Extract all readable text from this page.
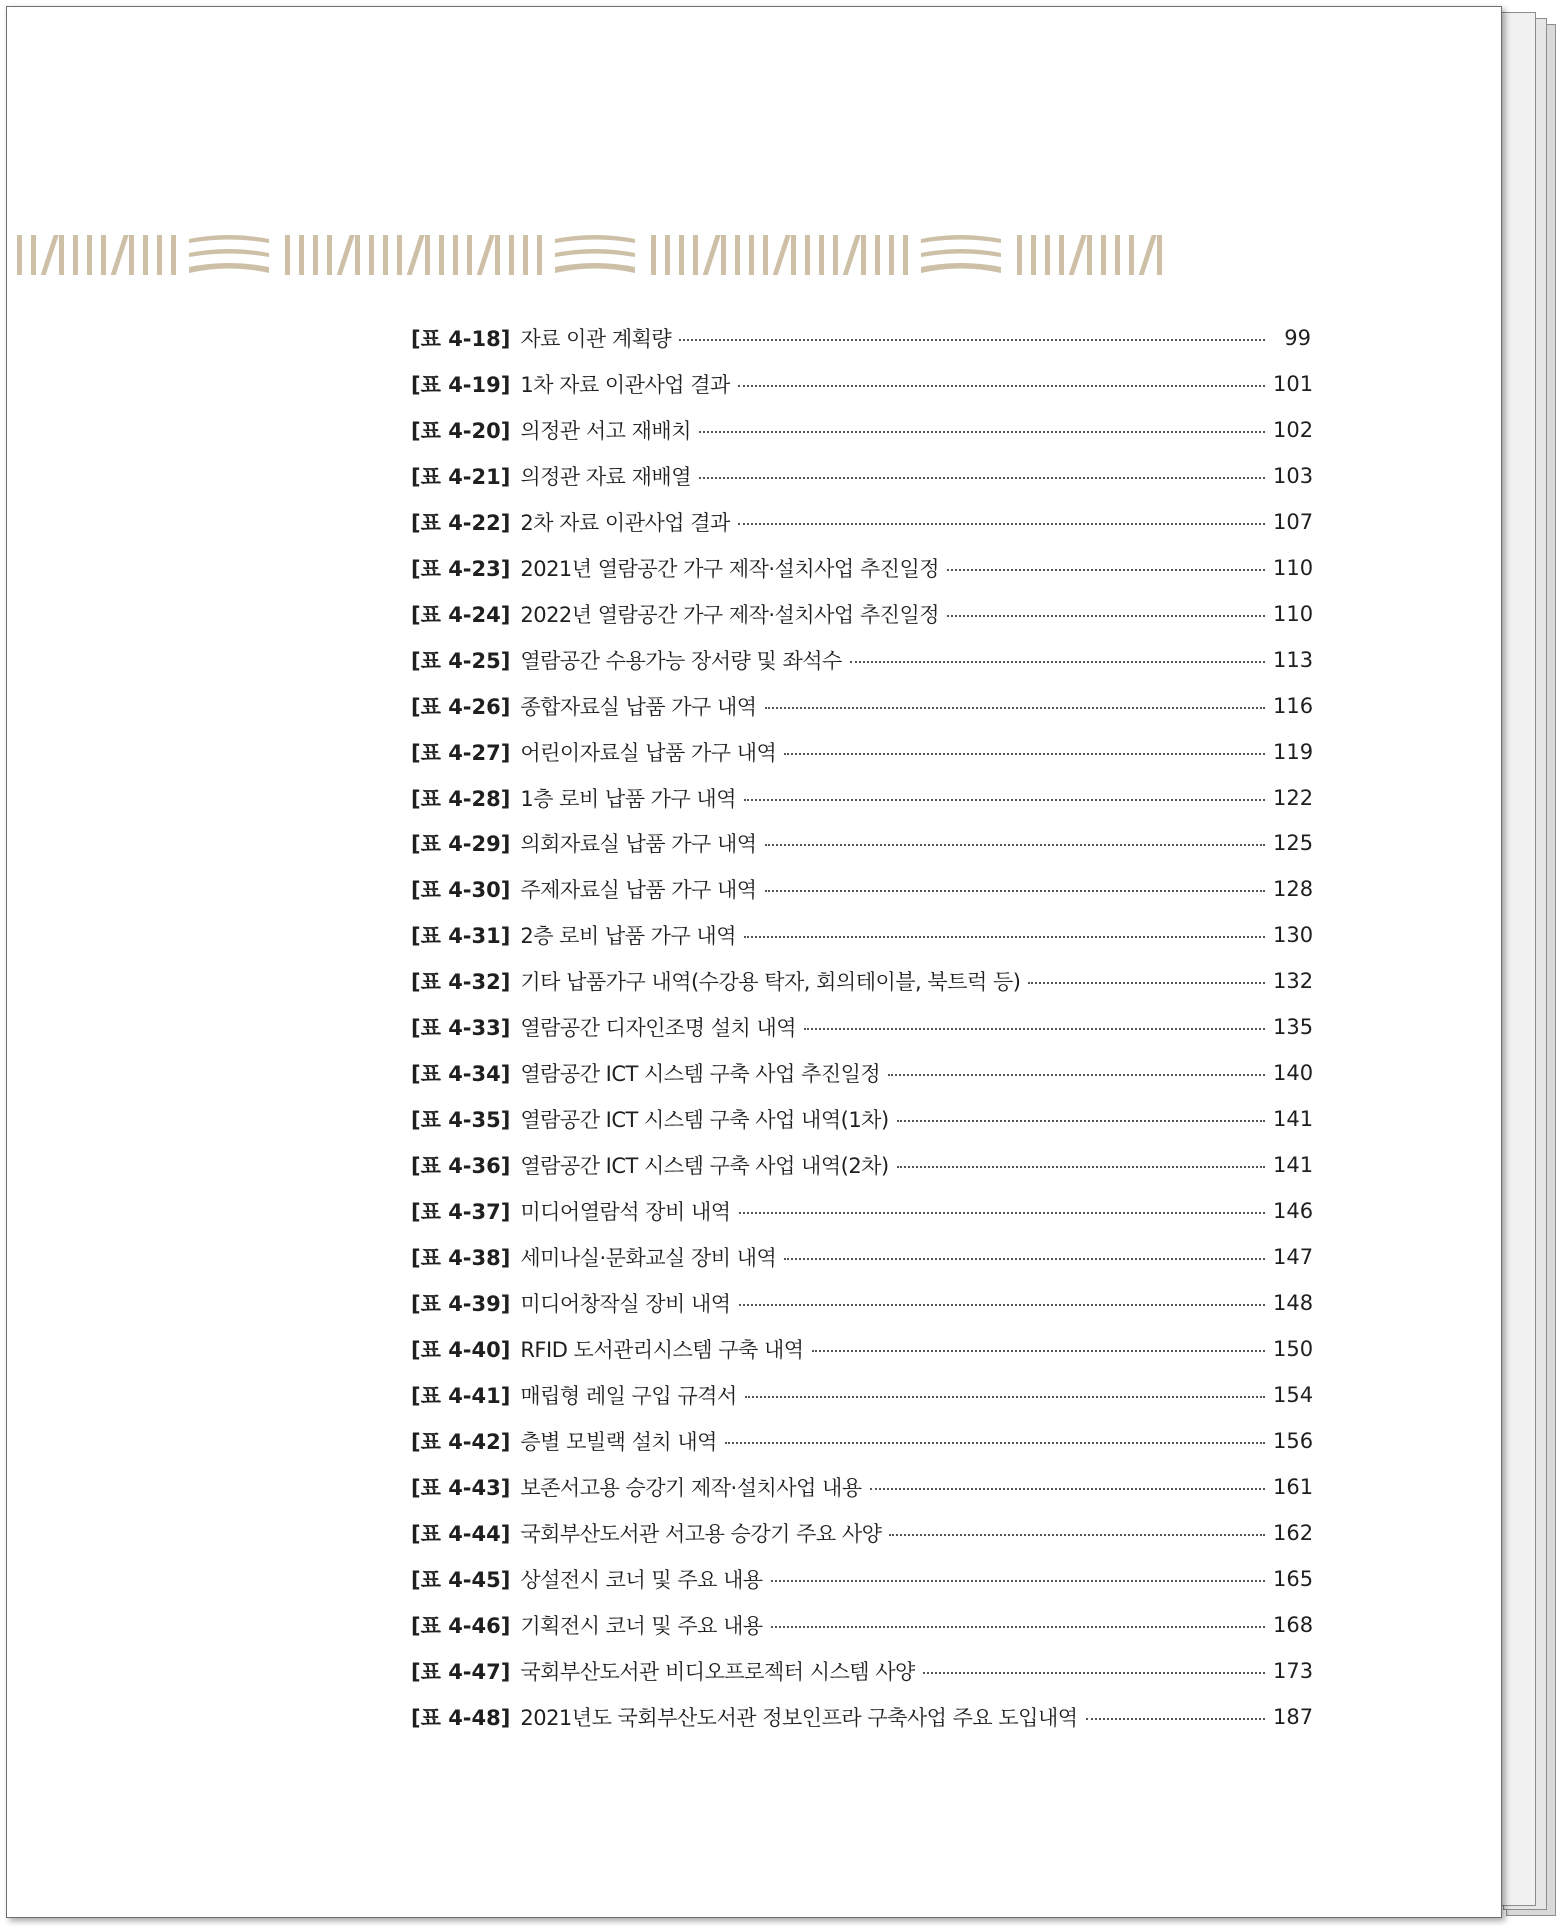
[표 4-18] 자료 이관 계획량	99
[표 4-19] 1차 자료 이관사업 결과	101
[표 4-20] 의정관 서고 재배치	102
[표 4-21] 의정관 자료 재배열	103
[표 4-22] 2차 자료 이관사업 결과	107
[표 4-23] 2021년 열람공간 가구 제작·설치사업 추진일정	110
[표 4-24] 2022년 열람공간 가구 제작·설치사업 추진일정	110
[표 4-25] 열람공간 수용가능 장서량 및 좌석수	113
[표 4-26] 종합자료실 납품 가구 내역	116
[표 4-27] 어린이자료실 납품 가구 내역	119
[표 4-28] 1층 로비 납품 가구 내역	122
[표 4-29] 의회자료실 납품 가구 내역	125
[표 4-30] 주제자료실 납품 가구 내역	128
[표 4-31] 2층 로비 납품 가구 내역	130
[표 4-32] 기타 납품가구 내역(수강용 탁자, 회의테이블, 북트럭 등)	132
[표 4-33] 열람공간 디자인조명 설치 내역	135
[표 4-34] 열람공간 ICT 시스템 구축 사업 추진일정	140
[표 4-35] 열람공간 ICT 시스템 구축 사업 내역(1차)	141
[표 4-36] 열람공간 ICT 시스템 구축 사업 내역(2차)	141
[표 4-37] 미디어열람석 장비 내역	146
[표 4-38] 세미나실·문화교실 장비 내역	147
[표 4-39] 미디어창작실 장비 내역	148
[표 4-40] RFID 도서관리시스템 구축 내역	150
[표 4-41] 매립형 레일 구입 규격서	154
[표 4-42] 층별 모빌랙 설치 내역	156
[표 4-43] 보존서고용 승강기 제작·설치사업 내용	161
[표 4-44] 국회부산도서관 서고용 승강기 주요 사양	162
[표 4-45] 상설전시 코너 및 주요 내용	165
[표 4-46] 기획전시 코너 및 주요 내용	168
[표 4-47] 국회부산도서관 비디오프로젝터 시스템 사양	173
[표 4-48] 2021년도 국회부산도서관 정보인프라 구축사업 주요 도입내역	187
